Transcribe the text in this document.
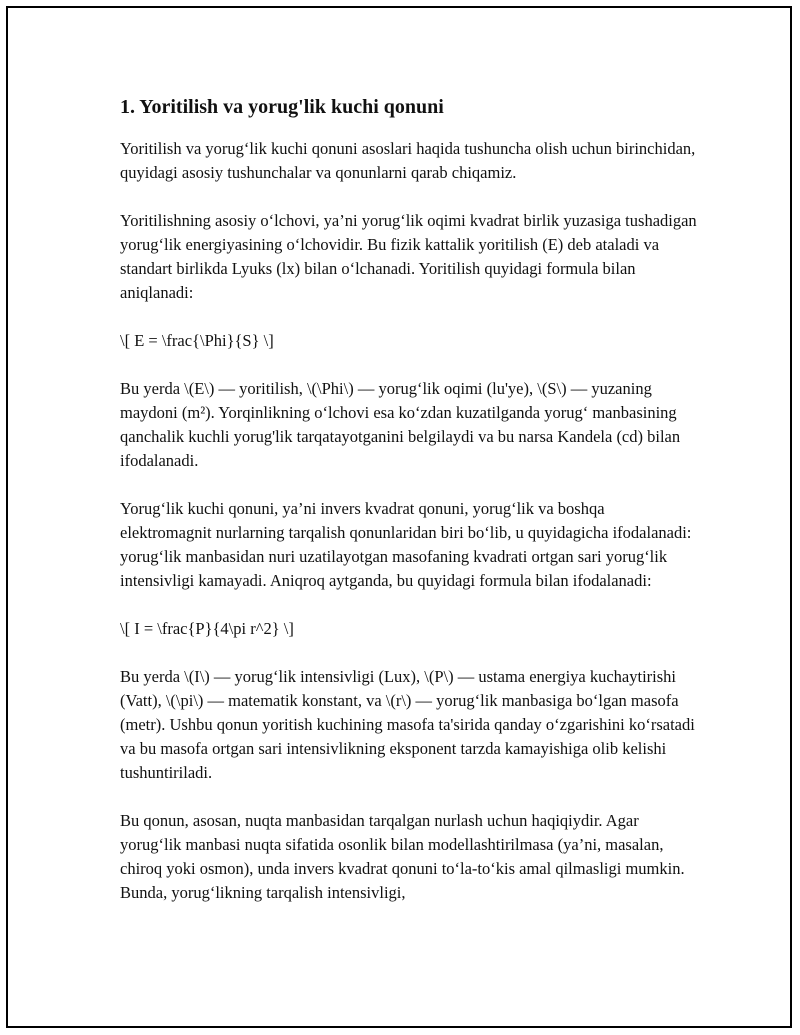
1. Yoritilish va yorug'lik kuchi qonuni

Yoritilish va yorug‘lik kuchi qonuni asoslari haqida tushuncha olish uchun birinchidan, quyidagi asosiy tushunchalar va qonunlarni qarab chiqamiz.

Yoritilishning asosiy o‘lchovi, ya’ni yorug‘lik oqimi kvadrat birlik yuzasiga tushadigan yorug‘lik energiyasining o‘lchovidir. Bu fizik kattalik yoritilish (E) deb ataladi va standart birlikda Lyuks (lx) bilan o‘lchanadi. Yoritilish quyidagi formula bilan aniqlanadi:

\[ E = \frac{\Phi}{S} \]

Bu yerda \(E\) — yoritilish, \(\Phi\) — yorug‘lik oqimi (lu'ye), \(S\) — yuzaning maydoni (m²). Yorqinlikning o‘lchovi esa ko‘zdan kuzatilganda yorug‘ manbasining qanchalik kuchli yorug'lik tarqatayotganini belgilaydi va bu narsa Kandela (cd) bilan ifodalanadi.

Yorug‘lik kuchi qonuni, ya’ni invers kvadrat qonuni, yorug‘lik va boshqa elektromagnit nurlarning tarqalish qonunlaridan biri bo‘lib, u quyidagicha ifodalanadi: yorug‘lik manbasidan nuri uzatilayotgan masofaning kvadrati ortgan sari yorug‘lik intensivligi kamayadi. Aniqroq aytganda, bu quyidagi formula bilan ifodalanadi:

\[ I = \frac{P}{4\pi r^2} \]

Bu yerda \(I\) — yorug‘lik intensivligi (Lux), \(P\) — ustama energiya kuchaytirishi (Vatt), \(\pi\) — matematik konstant, va \(r\) — yorug‘lik manbasiga bo‘lgan masofa (metr). Ushbu qonun yoritish kuchining masofa ta'sirida qanday o‘zgarishini ko‘rsatadi va bu masofa ortgan sari intensivlikning eksponent tarzda kamayishiga olib kelishi tushuntiriladi.

Bu qonun, asosan, nuqta manbasidan tarqalgan nurlash uchun haqiqiydir. Agar yorug‘lik manbasi nuqta sifatida osonlik bilan modellashtirilmasa (ya’ni, masalan, chiroq yoki osmon), unda invers kvadrat qonuni to‘la-to‘kis amal qilmasligi mumkin. Bunda, yorug‘likning tarqalish intensivligi,
